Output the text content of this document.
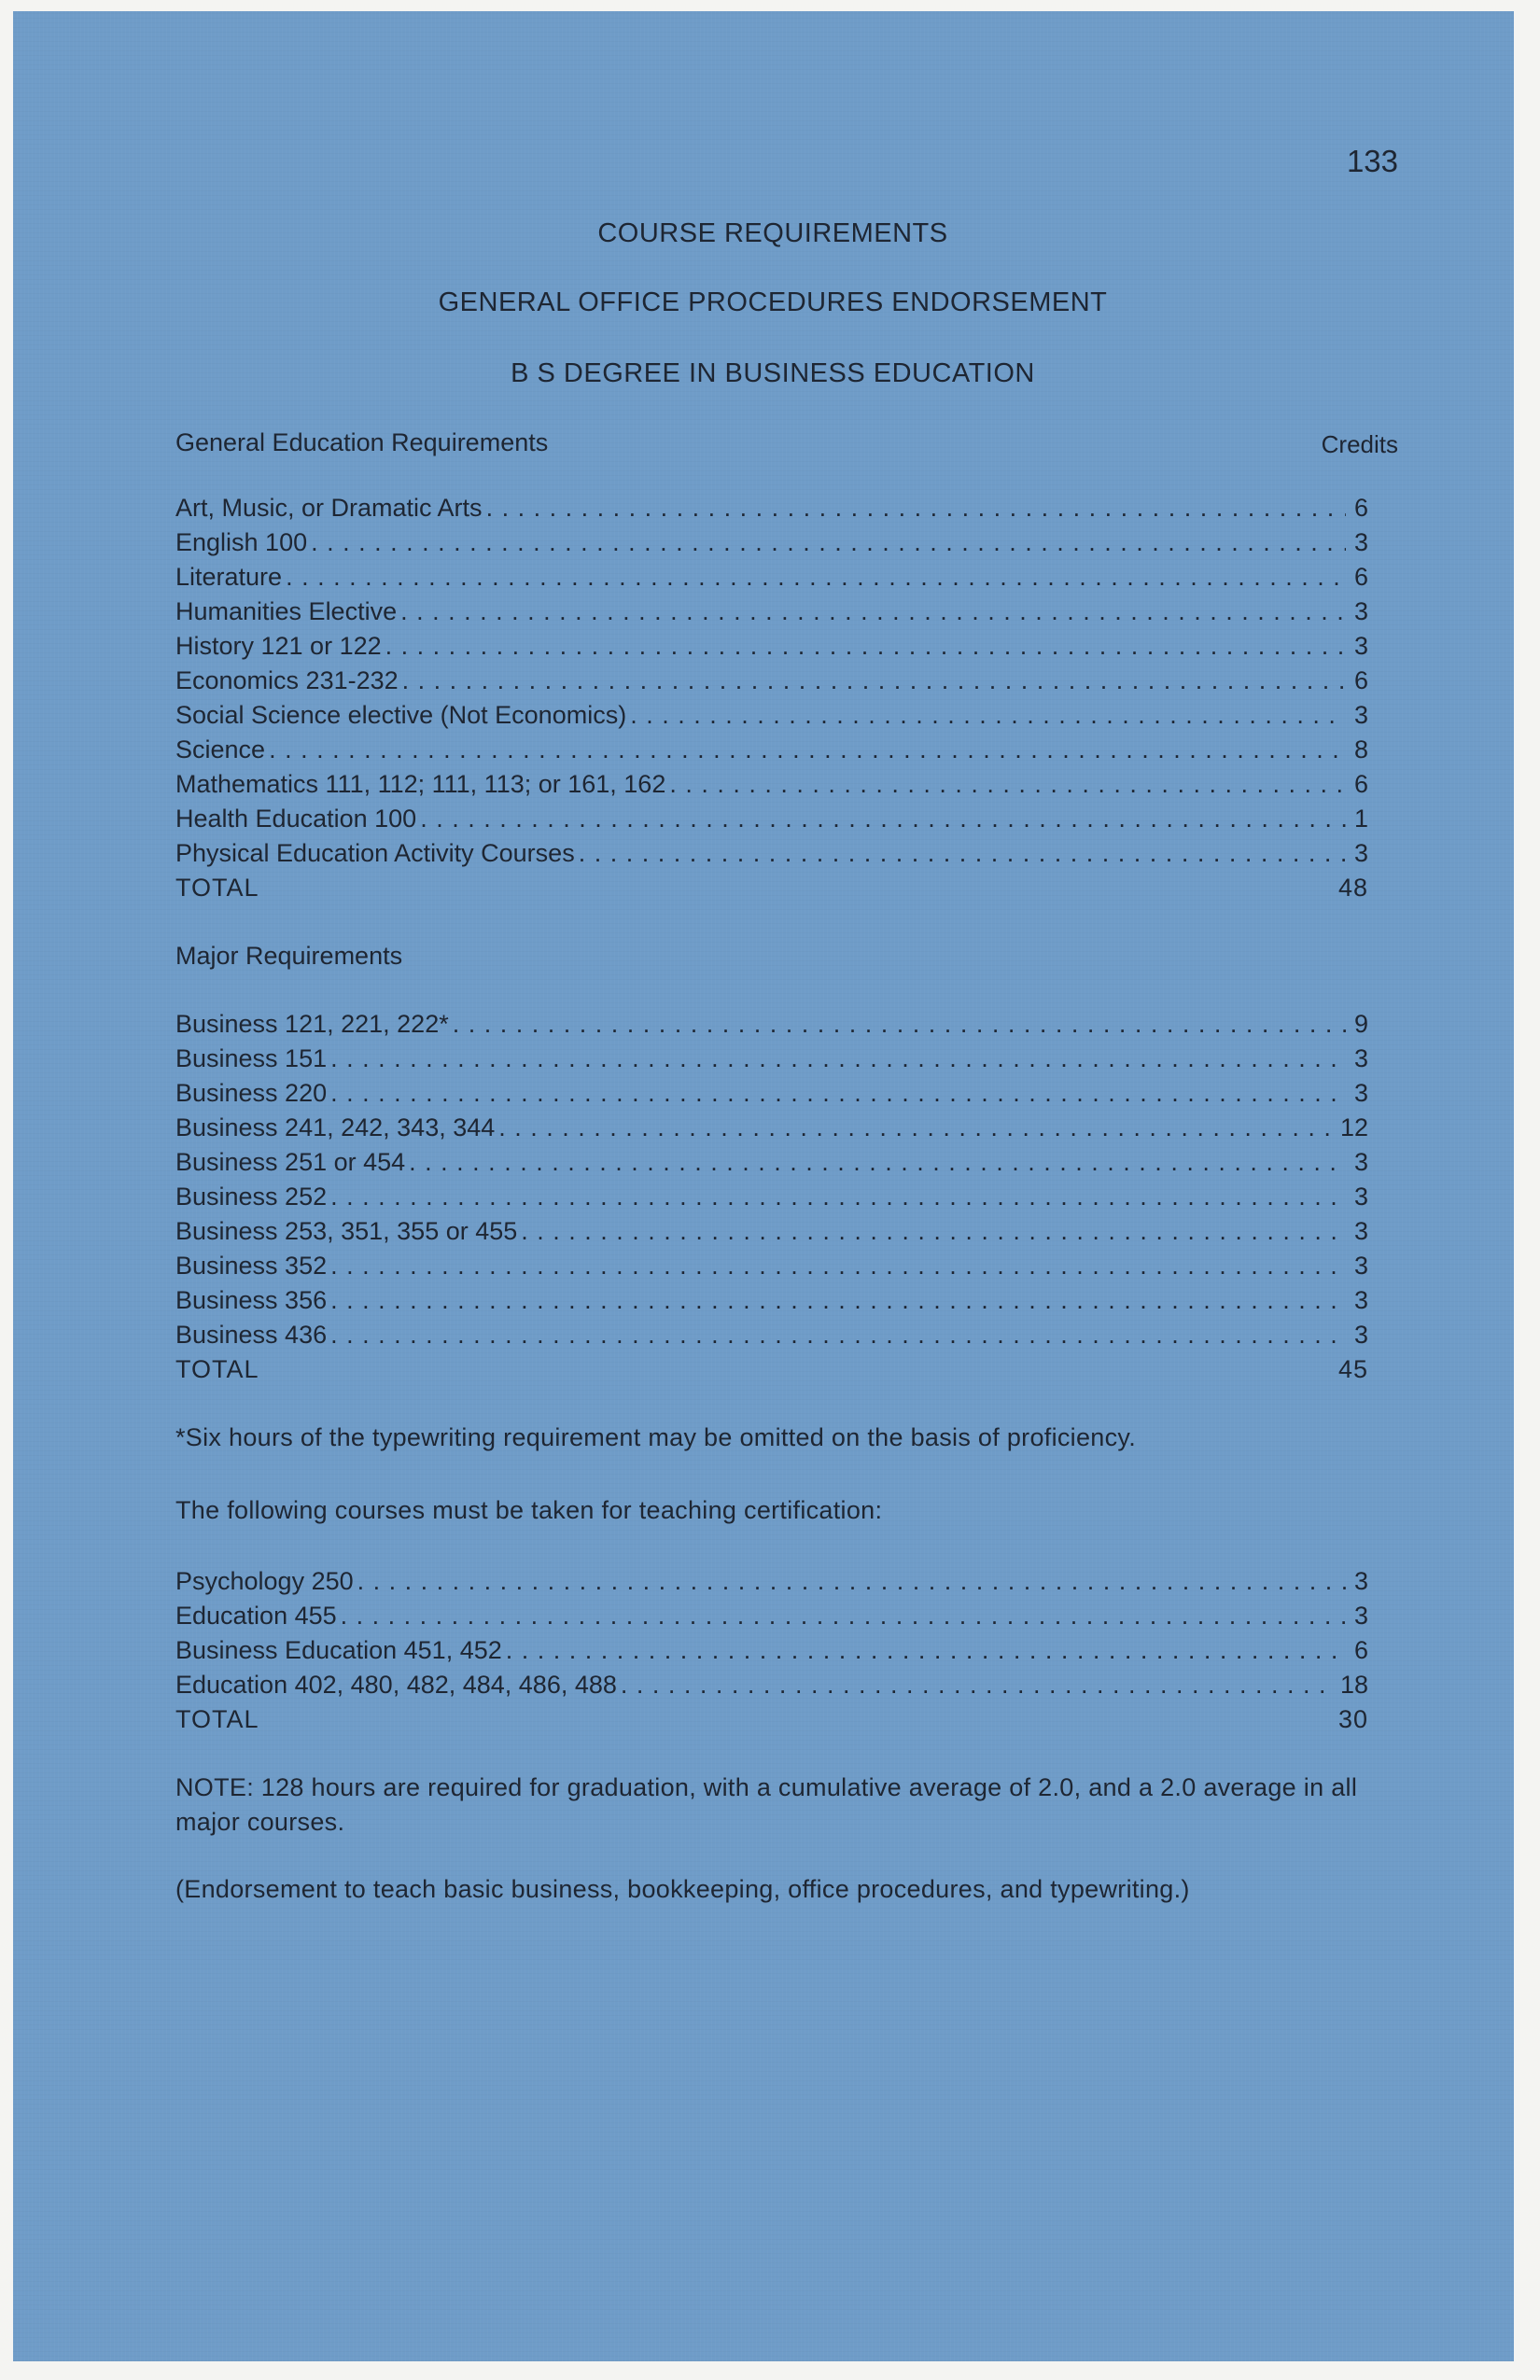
133
COURSE REQUIREMENTS
GENERAL OFFICE PROCEDURES ENDORSEMENT
B S DEGREE IN BUSINESS EDUCATION
General Education Requirements	Credits
Art, Music, or Dramatic Arts . . .	6
English 100 . . .	3
Literature . . .	6
Humanities Elective . . .	3
History 121 or 122 . . .	3
Economics 231-232 . . .	6
Social Science elective (Not Economics) . . .	3
Science . . .	8
Mathematics 111, 112; 111, 113; or 161, 162 . . .	6
Health Education 100 . . .	1
Physical Education Activity Courses . . .	3
TOTAL	48
Major Requirements
Business 121, 221, 222* . . .	9
Business 151 . . .	3
Business 220 . . .	3
Business 241, 242, 343, 344 . . .	12
Business 251 or 454 . . .	3
Business 252 . . .	3
Business 253, 351, 355 or 455 . . .	3
Business 352 . . .	3
Business 356 . . .	3
Business 436 . . .	3
TOTAL	45
*Six hours of the typewriting requirement may be omitted on the basis of proficiency.
The following courses must be taken for teaching certification:
Psychology 250 . . .	3
Education 455 . . .	3
Business Education 451, 452 . . .	6
Education 402, 480, 482, 484, 486, 488 . . .	18
TOTAL	30
NOTE: 128 hours are required for graduation, with a cumulative average of 2.0, and a 2.0 average in all major courses.
(Endorsement to teach basic business, bookkeeping, office procedures, and typewriting.)
